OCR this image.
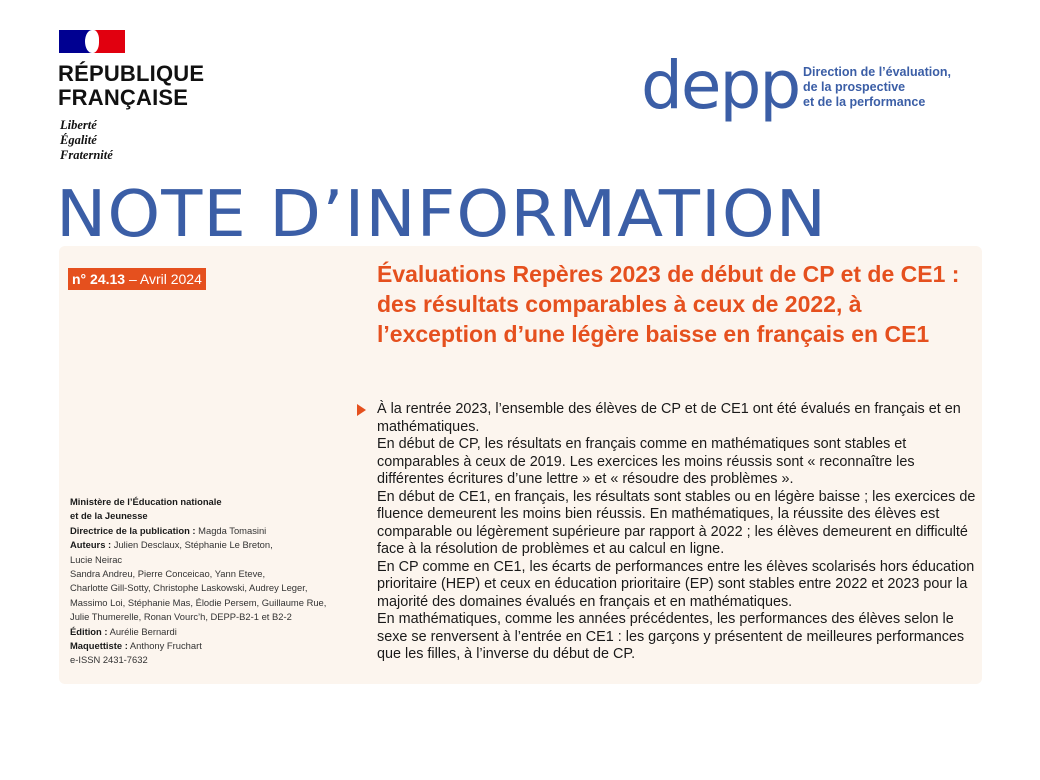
RÉPUBLIQUE
FRANÇAISE
Liberté
Égalité
Fraternité
depp Direction de l’évaluation,
de la prospective
et de la performance
NOTE D’INFORMATION
n° 24.13 – Avril 2024	Évaluations Repères 2023 de début de CP et de CE1 : des résultats comparables à ceux de 2022, à l’exception d’une légère baisse en français en CE1

À la rentrée 2023, l’ensemble des élèves de CP et de CE1 ont été évalués en français et en mathématiques.

En début de CP, les résultats en français comme en mathématiques sont stables et comparables à ceux de 2019. Les exercices les moins réussis sont « reconnaître les différentes écritures d’une lettre » et « résoudre des problèmes ».

En début de CE1, en français, les résultats sont stables ou en légère baisse ; les exercices de fluence demeurent les moins bien réussis. En mathématiques, la réussite des élèves est comparable ou légèrement supérieure par rapport à 2022 ; les élèves demeurent en difficulté face à la résolution de problèmes et au calcul en ligne.

En CP comme en CE1, les écarts de performances entre les élèves scolarisés hors éducation prioritaire (HEP) et ceux en éducation prioritaire (EP) sont stables entre 2022 et 2023 pour la majorité des domaines évalués en français et en mathématiques.

En mathématiques, comme les années précédentes, les performances des élèves selon le sexe se renversent à l’entrée en CE1 : les garçons y présentent de meilleures performances que les filles, à l’inverse du début de CP.

Ministère de l’Éducation nationale
et de la Jeunesse
Directrice de la publication : Magda Tomasini
Auteurs : Julien Desclaux, Stéphanie Le Breton,
Lucie Neirac
Sandra Andreu, Pierre Conceicao, Yann Eteve,
Charlotte Gill-Sotty, Christophe Laskowski, Audrey Leger,
Massimo Loi, Stéphanie Mas, Élodie Persem, Guillaume Rue,
Julie Thumerelle, Ronan Vourc’h, DEPP-B2-1 et B2-2
Édition : Aurélie Bernardi
Maquettiste : Anthony Fruchart
e-ISSN 2431-7632
